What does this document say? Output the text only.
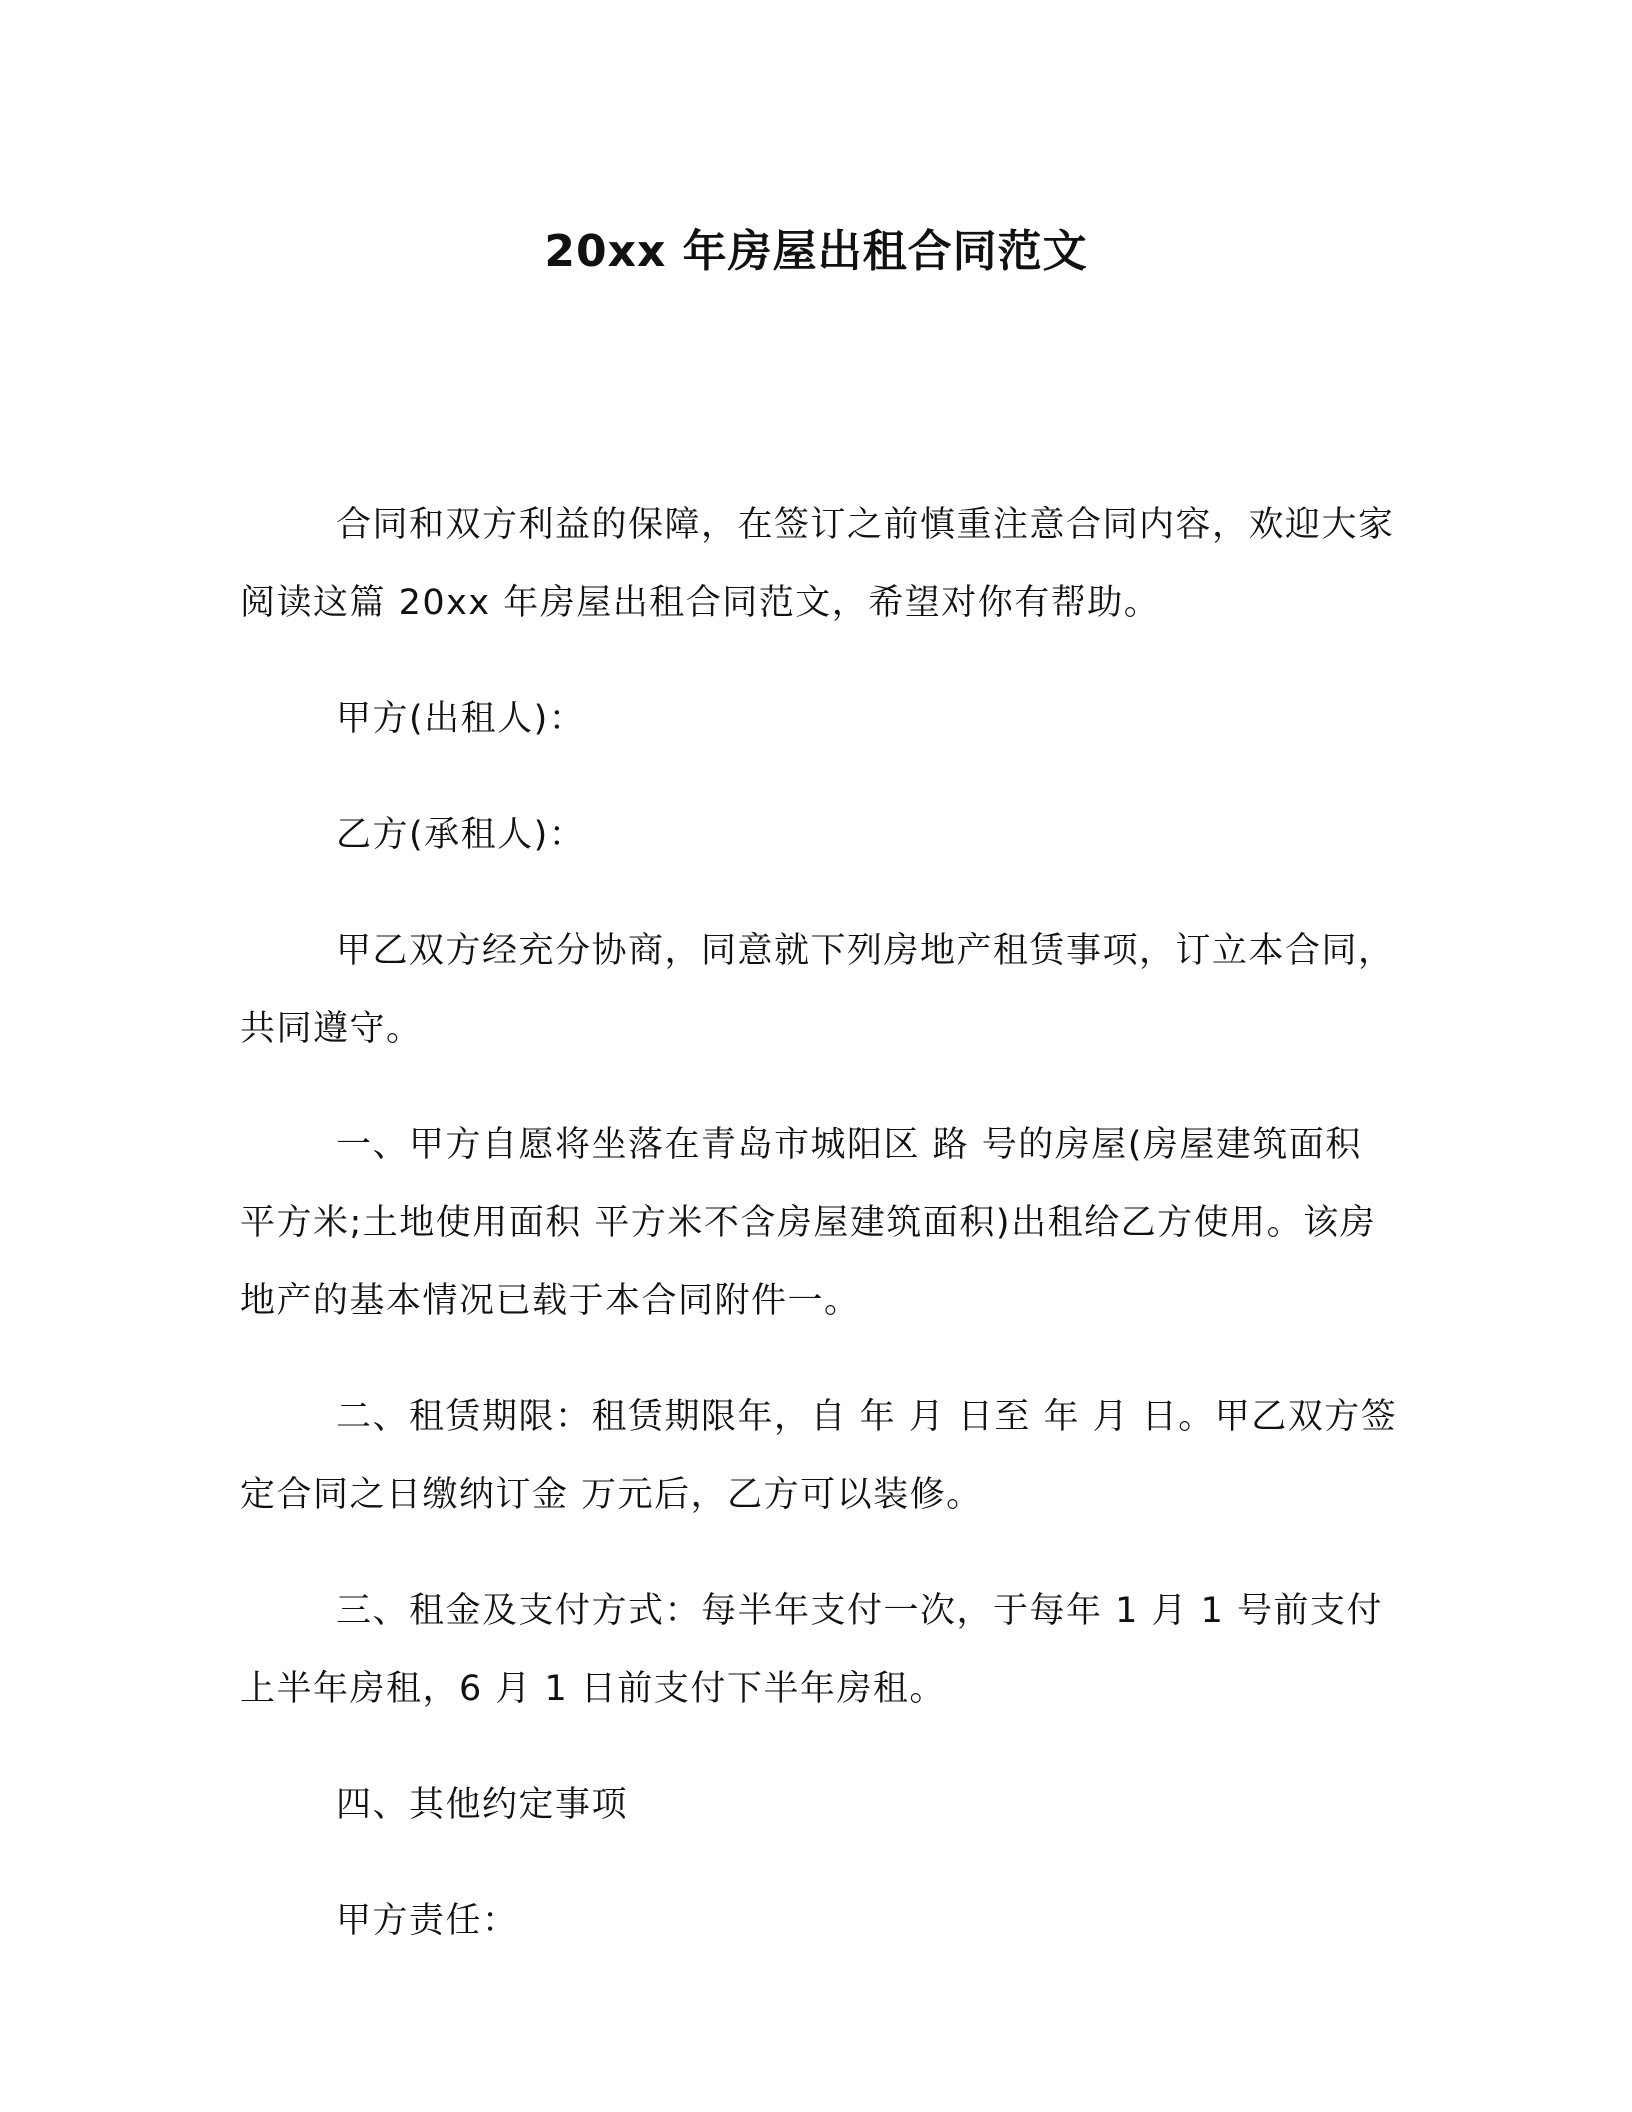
20xx 年房屋出租合同范文

合同和双方利益的保障，在签订之前慎重注意合同内容，欢迎大家阅读这篇 20xx 年房屋出租合同范文，希望对你有帮助。

甲方(出租人)：

乙方(承租人)：

甲乙双方经充分协商，同意就下列房地产租赁事项，订立本合同，共同遵守。

一、甲方自愿将坐落在青岛市城阳区 路 号的房屋(房屋建筑面积 平方米;土地使用面积 平方米不含房屋建筑面积)出租给乙方使用。该房地产的基本情况已载于本合同附件一。

二、租赁期限：租赁期限年，自 年 月 日至 年 月 日。甲乙双方签定合同之日缴纳订金 万元后，乙方可以装修。

三、租金及支付方式：每半年支付一次，于每年 1 月 1 号前支付上半年房租，6 月 1 日前支付下半年房租。

四、其他约定事项

甲方责任：
